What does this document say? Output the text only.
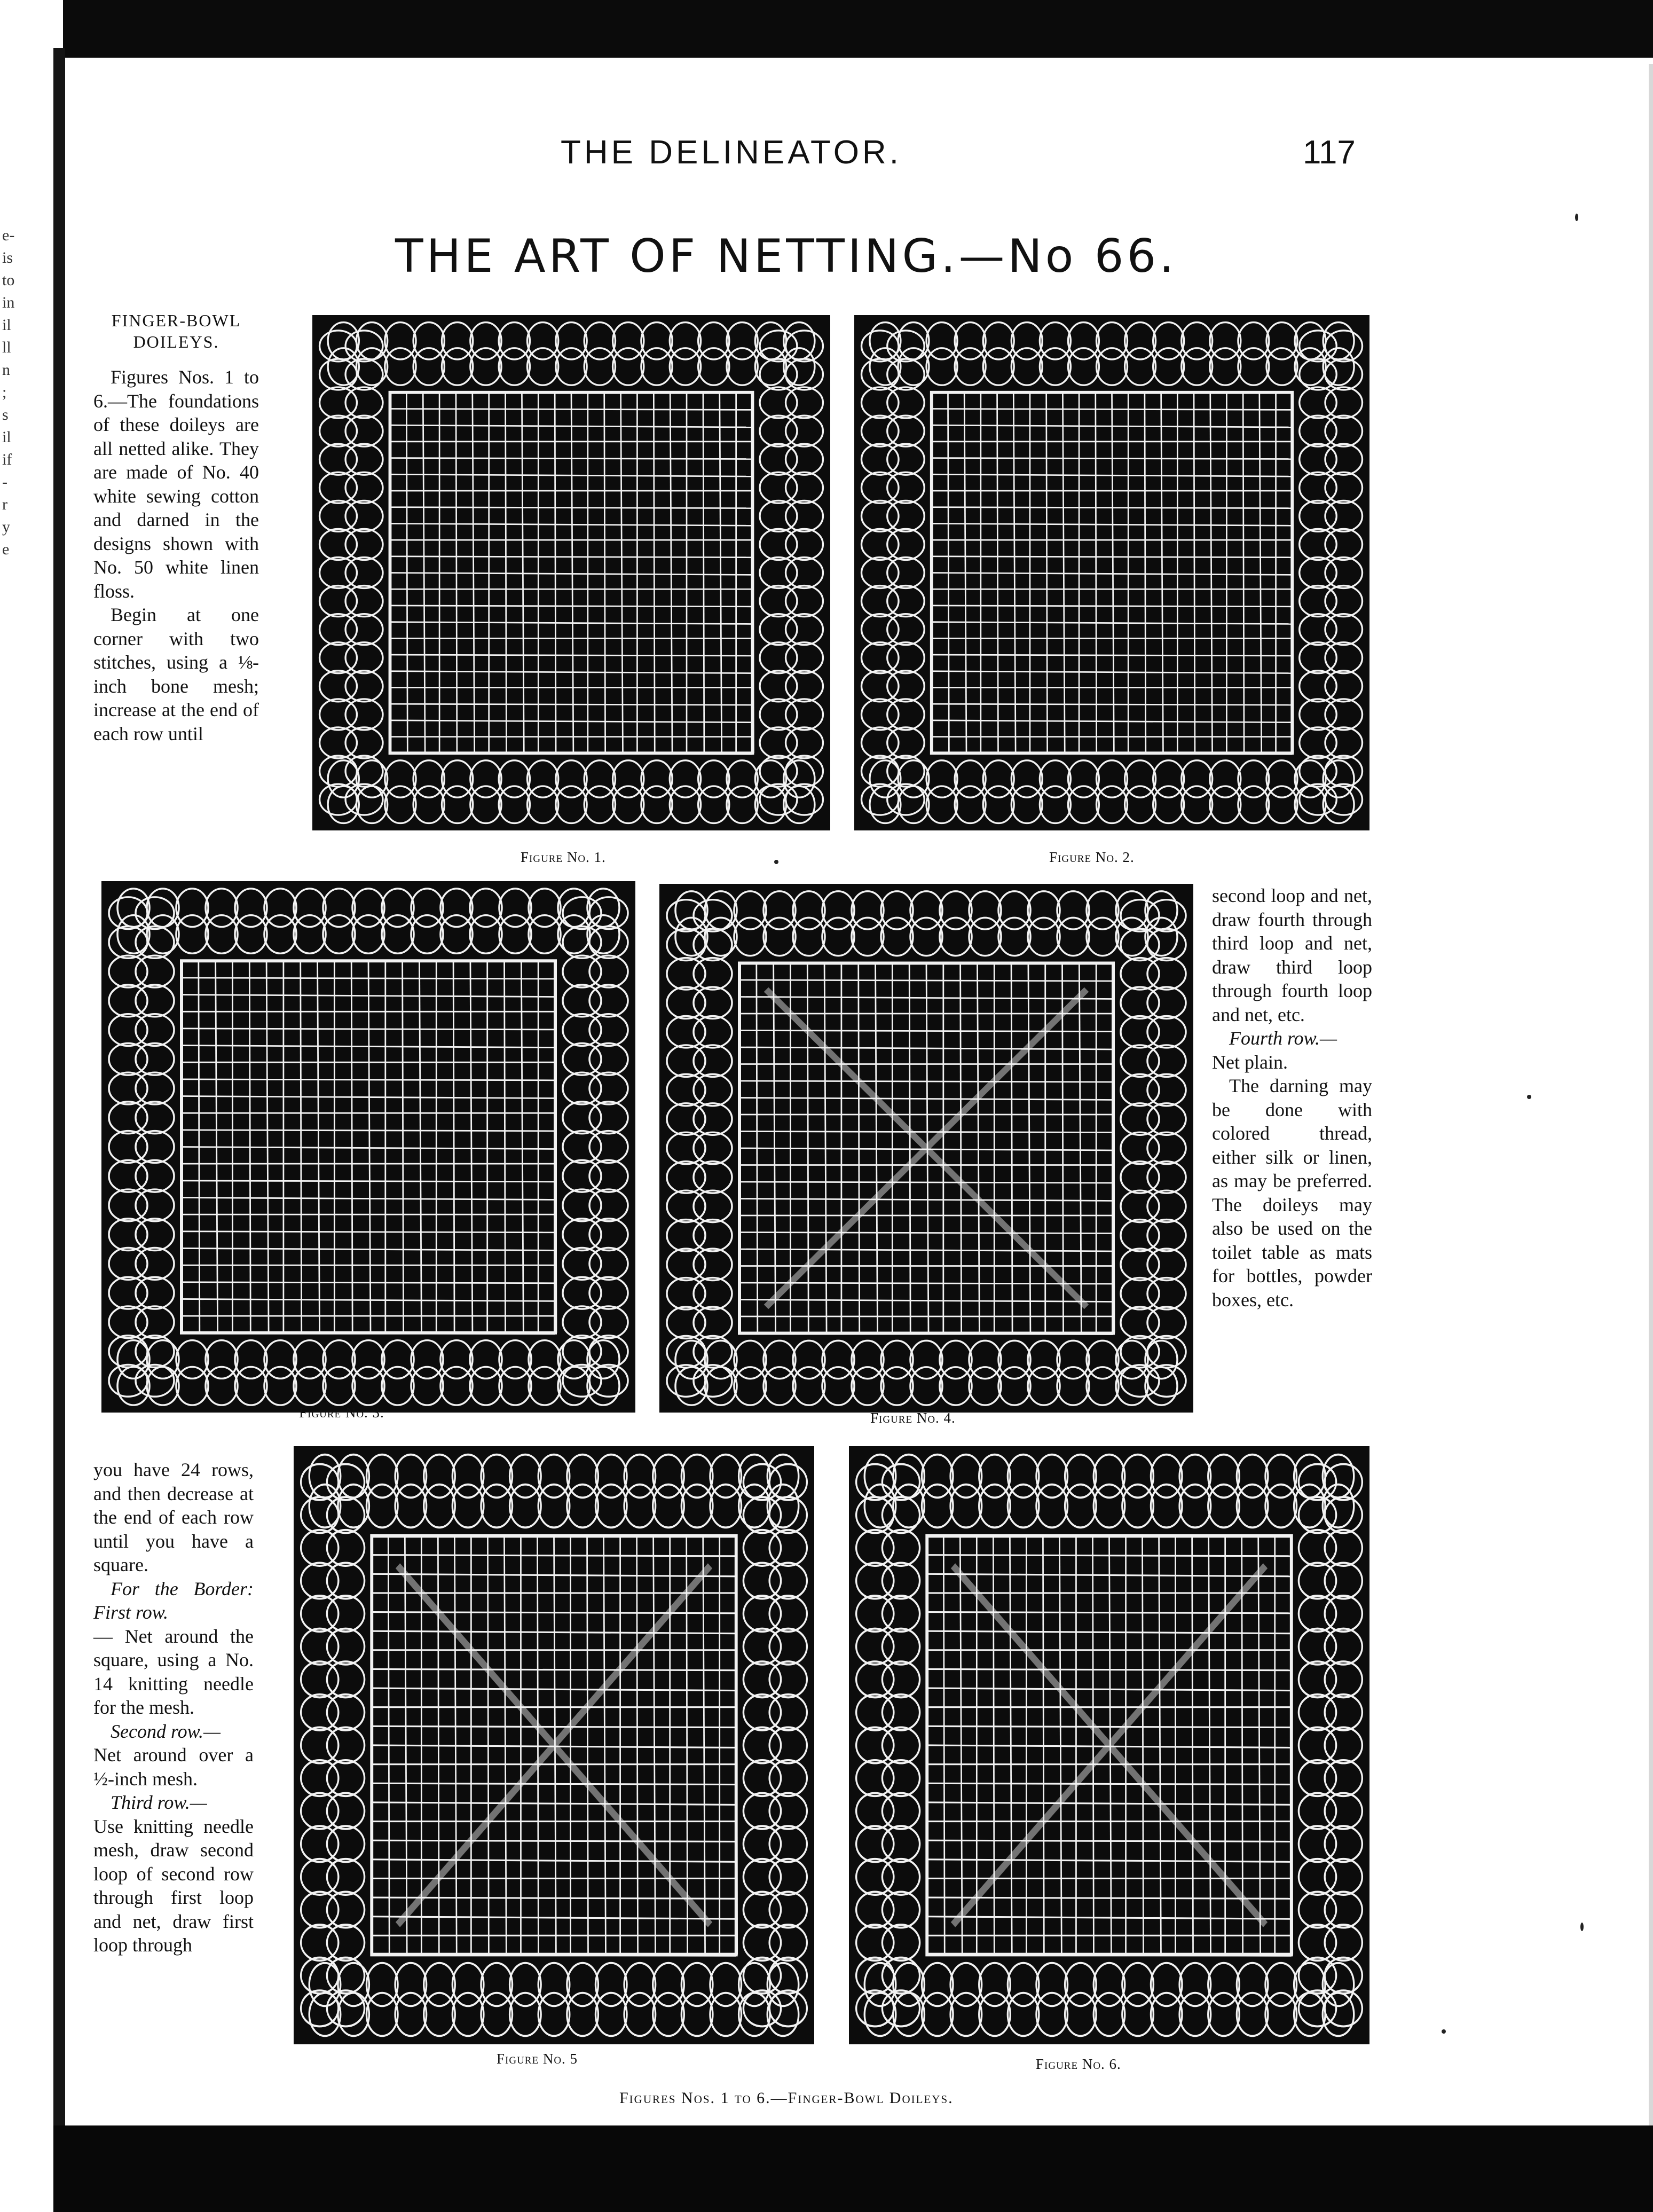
e-
is
to
in
il
ll
n
;
s
il
if
-
r
y
e
THE DELINEATOR.	117
THE ART OF NETTING.—No 66.

FINGER-BOWL DOILEYS.

Figures Nos. 1 to 6.—The foundations of these doileys are all netted alike. They are made of No. 40 white sewing cotton and darned in the designs shown with No. 50 white linen floss.

Begin at one corner with two stitches, using a ⅛-inch bone mesh; increase at the end of each row until

second loop and net, draw fourth through third loop and net, draw third loop through fourth loop and net, etc.

Fourth row.—

Net plain.

The darning may be done with colored thread, either silk or linen, as may be preferred. The doileys may also be used on the toilet table as mats for bottles, powder boxes, etc.

you have 24 rows, and then decrease at the end of each row until you have a square.

For the Border: First row.

— Net around the square, using a No. 14 knitting needle for the mesh.

Second row.—

Net around over a ½-inch mesh.

Third row.—

Use knitting needle mesh, draw second loop of second row through first loop and net, draw first loop through

Figure No. 1.	Figure No. 2.
Figure No. 3.	Figure No. 4.
Figure No. 5	Figure No. 6.
Figures Nos. 1 to 6.—Finger-Bowl Doileys.
